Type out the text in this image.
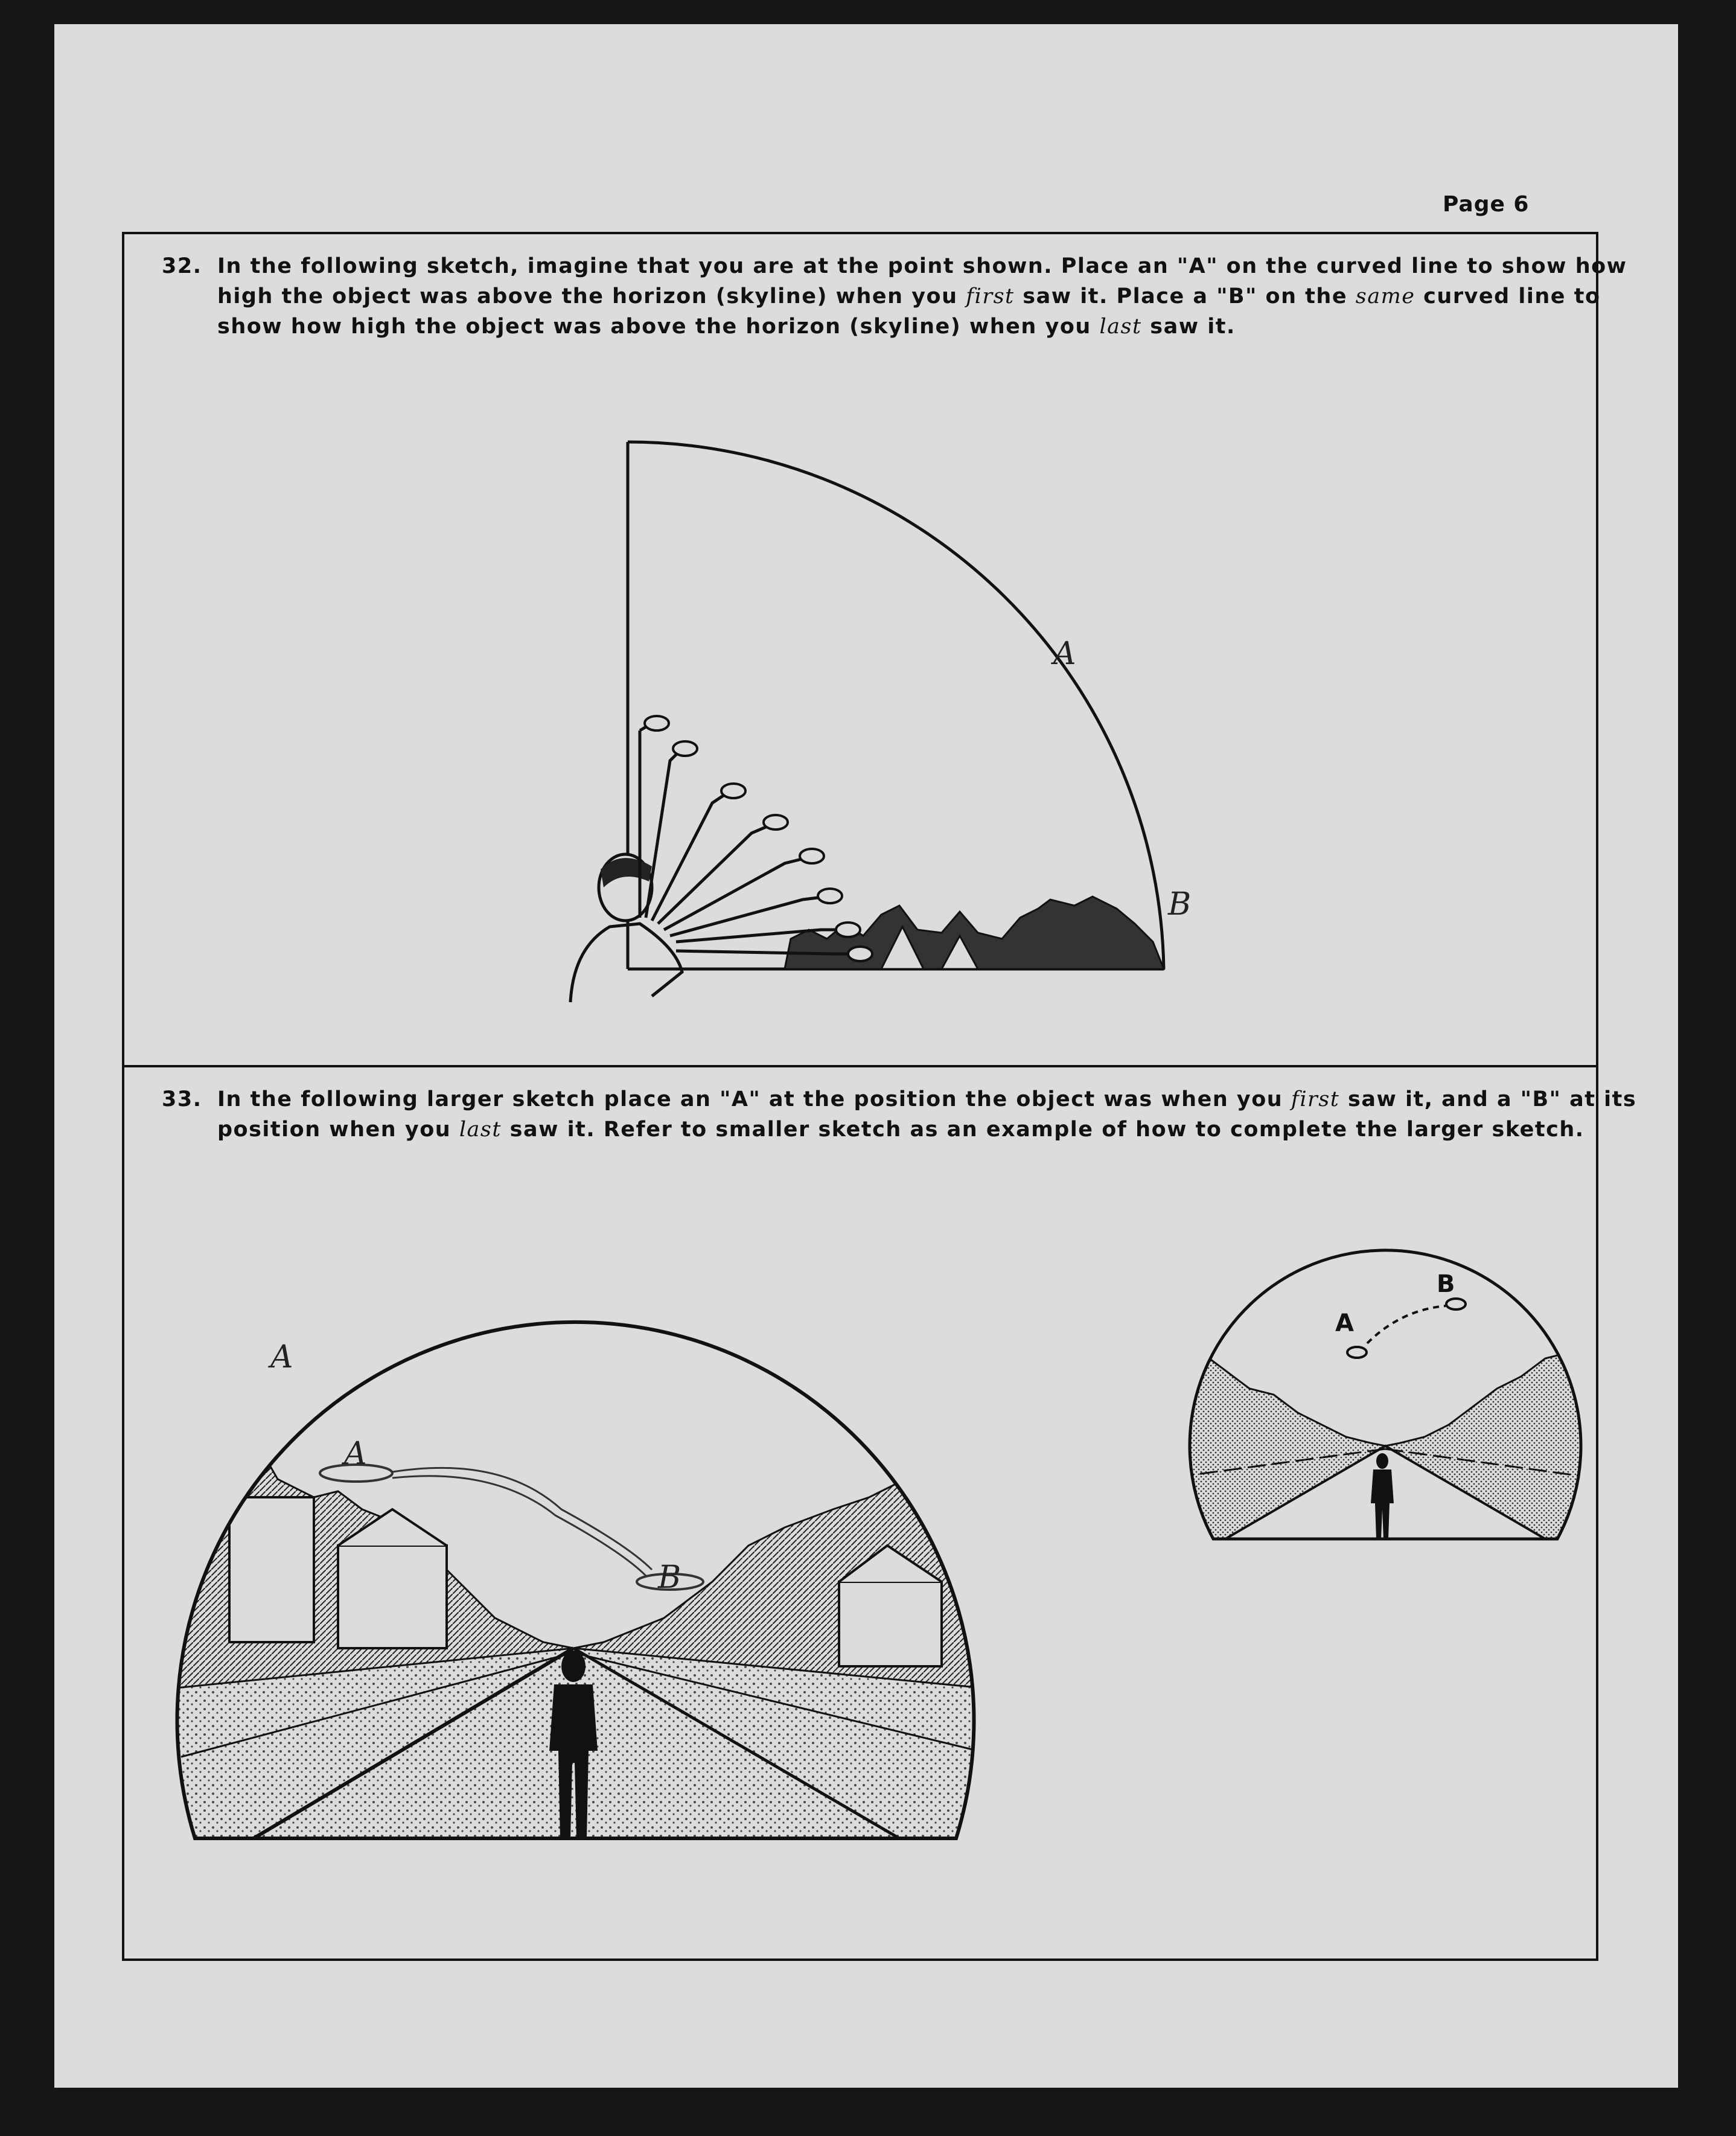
Page 6
32. In the following sketch, imagine that you are at the point shown. Place an "A" on the curved line to show how
high the object was above the horizon (skyline) when you first saw it. Place a "B" on the same curved line to
show how high the object was above the horizon (skyline) when you last saw it.
A
B
33. In the following larger sketch place an "A" at the position the object was when you first saw it, and a "B" at its
position when you last saw it. Refer to smaller sketch as an example of how to complete the larger sketch.
A
A
B
A
B
